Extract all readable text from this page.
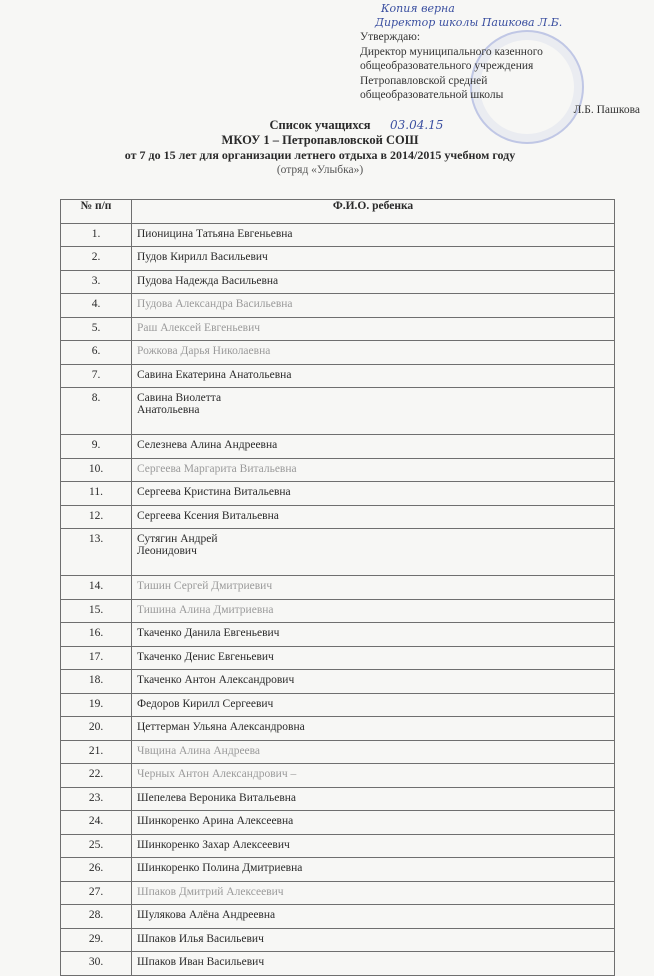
Копия верна
Директор школы Пашкова Л.Б.
Утверждаю:
Директор муниципального казенного
общеобразовательного учреждения
Петропавловской средней
общеобразовательной школы
Л.Б. Пашкова
03.04.15
Список учащихся
МКОУ 1 – Петропавловской СОШ
от 7 до 15 лет для организации летнего отдыха в 2014/2015 учебном году
(отряд «Улыбка»)
№ п/п	Ф.И.О. ребенка
1.	Пионицина Татьяна Евгеньевна
2.	Пудов Кирилл Васильевич
3.	Пудова Надежда Васильевна
4.	Пудова Александра Васильевна
5.	Раш Алексей Евгеньевич
6.	Рожкова Дарья Николаевна
7.	Савина Екатерина Анатольевна
8.	Савина Виолетта
Анатольевна
9.	Селезнева Алина Андреевна
10.	Сергеева Маргарита Витальевна
11.	Сергеева Кристина Витальевна
12.	Сергеева Ксения Витальевна
13.	Сутягин Андрей
Леонидович
14.	Тишин Сергей Дмитриевич
15.	Тишина Алина Дмитриевна
16.	Ткаченко Данила Евгеньевич
17.	Ткаченко Денис Евгеньевич
18.	Ткаченко Антон Александрович
19.	Федоров Кирилл Сергеевич
20.	Цеттерман Ульяна Александровна
21.	Чвщина Алина Андреева
22.	Черных Антон Александрович –
23.	Шепелева Вероника Витальевна
24.	Шинкоренко Арина Алексеевна
25.	Шинкоренко Захар Алексеевич
26.	Шинкоренко Полина Дмитриевна
27.	Шпаков Дмитрий Алексеевич
28.	Шулякова Алёна Андреевна
29.	Шпаков Илья Васильевич
30.	Шпаков Иван Васильевич
